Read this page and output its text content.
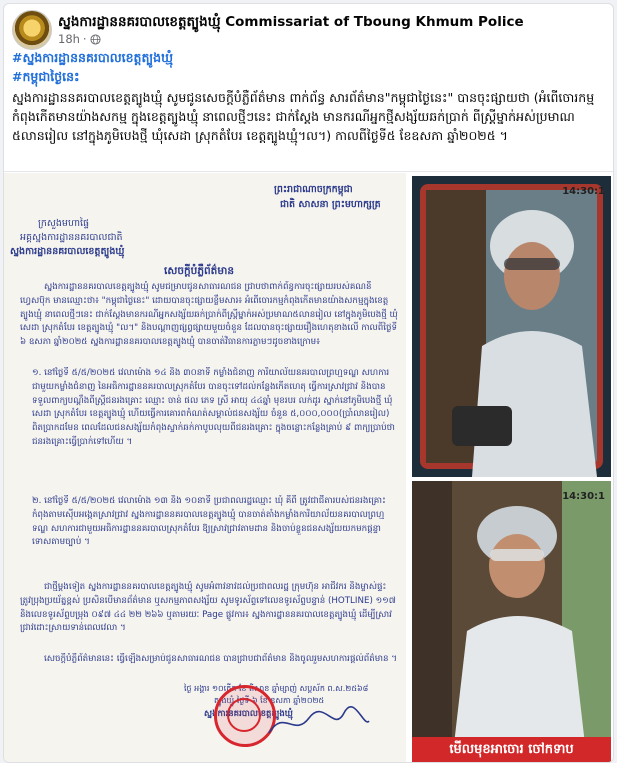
ស្នងការដ្ឋាននគរបាលខេត្តត្បូងឃ្មុំ Commissariat of Tboung Khmum Police
18h ·
#ស្នងការដ្ឋាននគរបាលខេត្តត្បូងឃ្មុំ
#កម្ពុជាថ្ងៃនេះ
ស្នងការដ្ឋាននគរបាលខេត្តត្បូងឃ្មុំ សូមជូនសេចក្តីបំភ្លឺព័ត៌មាន ពាក់ព័ន្ធ សារព័ត៌មាន"កម្ពុជាថ្ងៃនេះ" បានចុះផ្សាយថា (អំពើចោរកម្មកំពុងកើតមានយ៉ាងសកម្ម ក្នុងខេត្តត្បូងឃ្មុំ នាពេលថ្មីៗនេះ ជាក់ស្តែង មានករណីអ្នកថ្មីសង្ស័យឆក់ប្រាក់ ពីស្ត្រីម្នាក់អស់ប្រមាណ ៥លានរៀល នៅក្នុងភូមិបេងថ្មី ឃុំសេដា ស្រុកតំបែរ ខេត្តត្បូងឃ្មុំ។ល។) កាលពីថ្ងៃទី៥ ខែឧសភា ឆ្នាំ២០២៥ ។
ព្រះរាជាណាចក្រកម្ពុជា
ជាតិ សាសនា ព្រះមហាក្សត្រ
ក្រសួងមហាផ្ទៃ
អគ្គស្នងការដ្ឋាននគរបាលជាតិ
ស្នងការដ្ឋាននគរបាលខេត្តត្បូងឃ្មុំ
សេចក្តីបំភ្លឺព័ត៌មាន
ស្នងការដ្ឋាននគរបាលខេត្តត្បូងឃ្មុំ សូមជម្រាបជូនសាធារណជន ជ្រាបថាពាក់ព័ន្ធការចុះផ្សាយរបស់គណនីហ្វេសប៊ុក មានឈ្មោះថា៖ "កម្ពុជាថ្ងៃនេះ" ដោយបានចុះផ្សាយខ្លឹមសារ៖ អំពើចោរកម្មកំពុងកើតមានយ៉ាងសកម្មក្នុងខេត្តត្បូងឃ្មុំ នាពេលថ្មីៗនេះ ជាក់ស្តែងមានករណីអ្នកសង្ស័យឆក់ប្រាក់ពីស្ត្រីម្នាក់អស់ប្រមាណ៥លានរៀល នៅក្នុងភូមិបេងថ្មី ឃុំសេដា ស្រុកតំបែរ ខេត្តត្បូងឃ្មុំ "ល។" និងបណ្តាញផ្សព្វផ្សាយមួយចំនួន ដែលបានចុះផ្សាយរឿងហេតុខាងលើ កាលពីថ្ងៃទី ៦ ឧសភា ឆ្នាំ២០២៥ ស្នងការដ្ឋាននគរបាលខេត្តត្បូងឃ្មុំ បានចាត់វិធានការភ្លាមៗដូចខាងក្រោម៖
១. នៅថ្ងៃទី ៥/៥/២០២៥ វេលាម៉ោង ១៤ និង ៣០នាទី កម្លាំងជំនាញ ការិយាល័យនគរបាលព្រហ្មទណ្ឌ សហការជាមួយកម្លាំងជំនាញ នៃអធិការដ្ឋាននគរបាលស្រុកតំបែរ បានចុះទៅដល់កន្លែងកើតហេតុ ធ្វើការស្រាវជ្រាវ និងបានទទួលពាក្យបណ្តឹងពីស្ត្រីជនរងគ្រោះ ឈ្មោះ ចាន់ ផល ភេទ ស្រី អាយុ ៤៤ឆ្នាំ មុខរបរ លក់ដូរ ស្នាក់នៅភូមិបេងថ្មី ឃុំសេដា ស្រុកតំបែរ ខេត្តត្បូងឃ្មុំ ហើយធ្វើការគោរពកំណត់សម្គាល់ជនសង្ស័យ ចំនួន ៥,០០០,០០០(ប្រាំលានរៀល) ពិតប្រាកដមែន ពេលដែលជនសង្ស័យកំពុងស្ទាក់ឆក់កាបូបលុយពីជនរងគ្រោះ ក្នុងចន្លោះកន្លែងគ្រាប់ ៩ ពាក្យប្រាប់ថា ជនរងគ្រោះធ្វើប្រាក់ទៅហើយ ។
២. នៅថ្ងៃទី ៥/៥/២០២៥ វេលាម៉ោង ១៣ និង ១០នាទី ប្រជាពលរដ្ឋឈ្មោះ ឃុំ គីពី ត្រូវជាជីតារបស់ជនរងគ្រោះ កំពុងតាមស៊ើបអង្កេតស្រាវជ្រាវ ស្នងការដ្ឋាននគរបាលខេត្តត្បូងឃ្មុំ បានចាត់តាំងកម្លាំងការិយាល័យនគរបាលព្រហ្មទណ្ឌ សហការជាមួយអធិការដ្ឋាននគរបាលស្រុកតំបែរ ឱ្យស្រាវជ្រាវតាមដាន និងចាប់ខ្លួនជនសង្ស័យយកមកផ្តន្ទាទោសតាមច្បាប់ ។
ជាថ្មីម្តងទៀត ស្នងការដ្ឋាននគរបាលខេត្តត្បូងឃ្មុំ សូមអំពាវនាវដល់ប្រជាពលរដ្ឋ ក្រុមហ៊ុន អាជីវករ និងម្ចាស់ផ្ទះ ត្រូវប្រុងប្រយ័ត្នខ្ពស់ ប្រសិនបើមានព័ត៌មាន ឬសកម្មភាពសង្ស័យ សូមទូរស័ព្ទទៅលេខទូរស័ព្ទបន្ទាន់ (HOTLINE) ១១៧ និងលេខទូរស័ព្ទបម្រុង ០៩៧ ៤៤ ២២ ២៦៦ ឬតាមរយៈ Page ផ្លូវការ៖ ស្នងការដ្ឋាននគរបាលខេត្តត្បូងឃ្មុំ ដើម្បីស្រាវជ្រាវដោះស្រាយទាន់ពេលវេលា ។
សេចក្តីបំភ្លឺព័ត៌មាននេះ ធ្វើឡើងសម្រាប់ជូនសាធារណជន បានជ្រាបជាព័ត៌មាន និងចូលរួមសហការផ្តល់ព័ត៌មាន ។
ថ្ងៃ អង្គារ ១០កើត ខែ ពិសាខ ឆ្នាំម្សាញ់ សប្តស័ក ព.ស.២៥៦៨
ត្បូងឃ្មុំ ថ្ងៃទី ៦ ខែ ឧសភា ឆ្នាំ២០២៥
ស្នងការនគរបាលខេត្តត្បូងឃ្មុំ
14:30:1
14:30:1
មើលមុខអាចោរ ចៅកទាប
